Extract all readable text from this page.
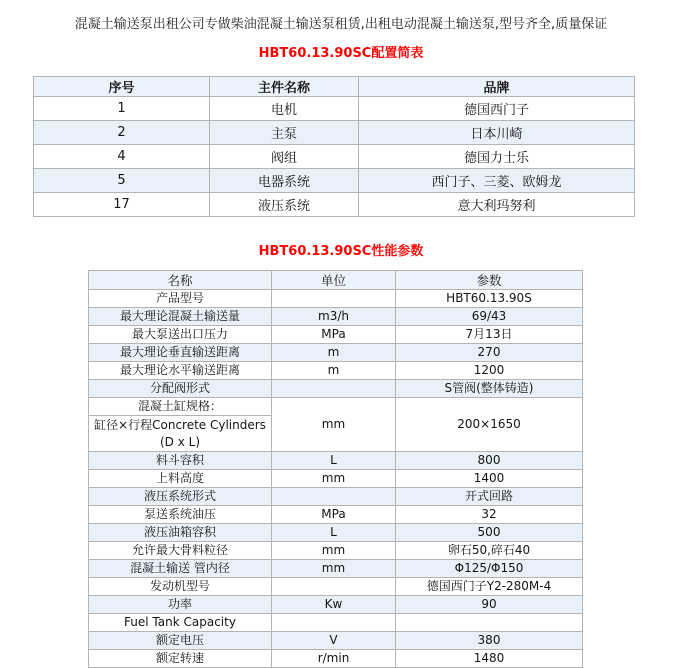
混凝土输送泵出租公司专做柴油混凝土输送泵租赁,出租电动混凝土输送泵,型号齐全,质量保证
HBT60.13.90SC配置简表
序号	主件名称	品牌
1	电机	德国西门子
2	主泵	日本川崎
4	阀组	德国力士乐
5	电器系统	西门子、三菱、欧姆龙
17	液压系统	意大利玛努利
HBT60.13.90SC性能参数
名称	单位	参数
产品型号		HBT60.13.90S
最大理论混凝土输送量	m3/h	69/43
最大泵送出口压力	MPa	7月13日
最大理论垂直输送距离	m	270
最大理论水平输送距离	m	1200
分配阀形式		S管阀(整体铸造)
混凝土缸规格：	mm	200×1650
缸径×行程Concrete Cylinders (D x L)		
料斗容积	L	800
上料高度	mm	1400
液压系统形式		开式回路
泵送系统油压	MPa	32
液压油箱容积	L	500
允许最大骨料粒径	mm	卵石50,碎石40
混凝土输送 管内径	mm	Φ125/Φ150
发动机型号		德国西门子Y2-280M-4
功率	Kw	90
Fuel Tank Capacity		
额定电压	V	380
额定转速	r/min	1480
